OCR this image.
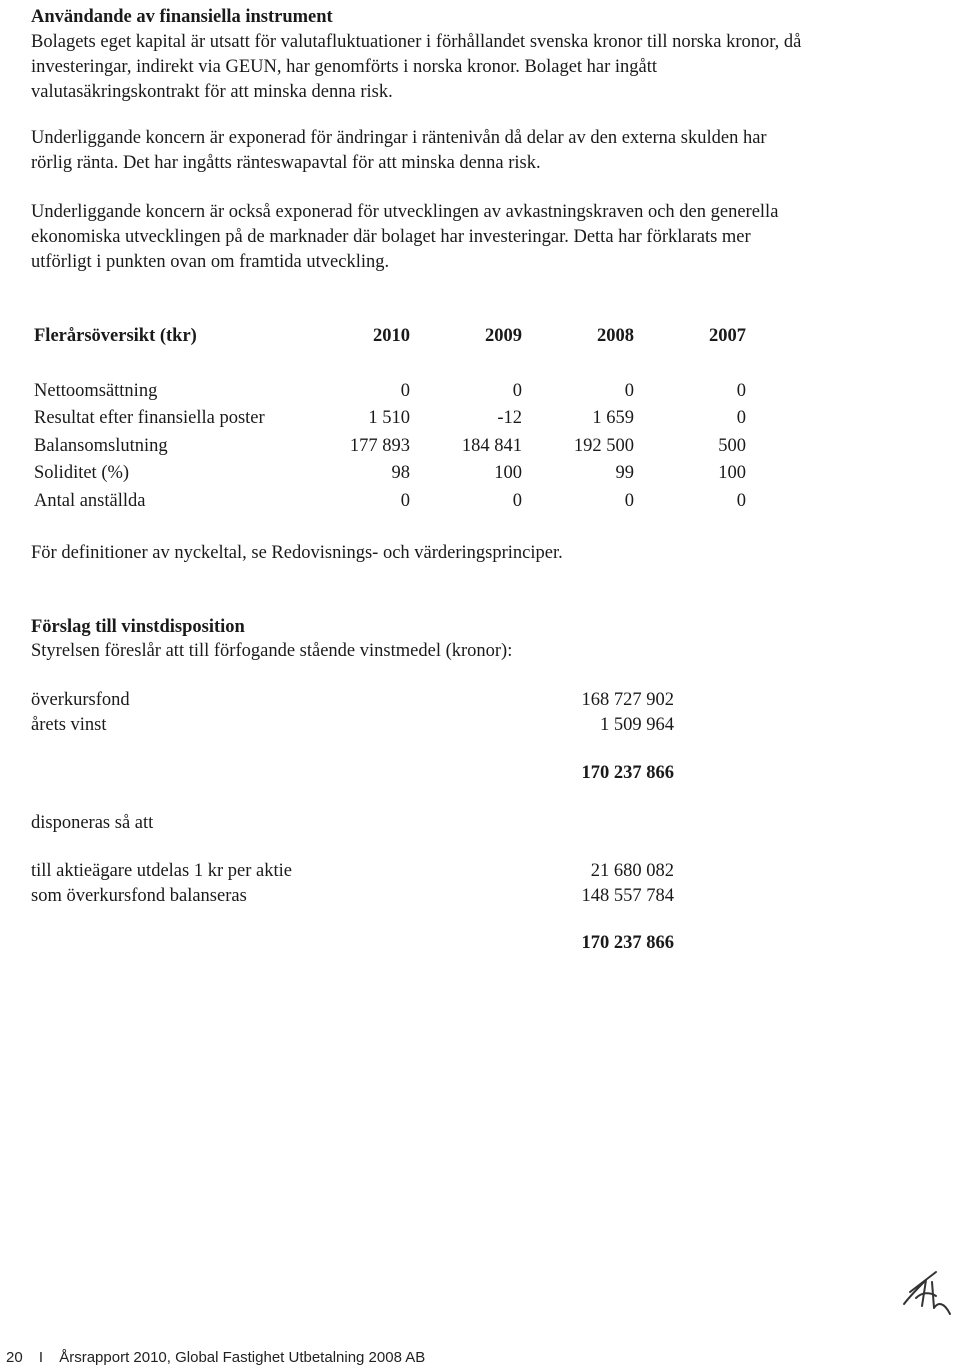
Användande av finansiella instrument
Bolagets eget kapital är utsatt för valutafluktuationer i förhållandet svenska kronor till norska kronor, då
investeringar, indirekt via GEUN, har genomförts i norska kronor. Bolaget har ingått
valutasäkringskontrakt för att minska denna risk.
Underliggande koncern är exponerad för ändringar i räntenivån då delar av den externa skulden har
rörlig ränta. Det har ingåtts ränteswapavtal för att minska denna risk.
Underliggande koncern är också exponerad för utvecklingen av avkastningskraven och den generella
ekonomiska utvecklingen på de marknader där bolaget har investeringar. Detta har förklarats mer
utförligt i punkten ovan om framtida utveckling.
Flerårsöversikt (tkr)	2010	2009	2008	2007
Nettoomsättning	0	0	0	0
Resultat efter finansiella poster	1 510	-12	1 659	0
Balansomslutning	177 893	184 841	192 500	500
Soliditet (%)	98	100	99	100
Antal anställda	0	0	0	0
För definitioner av nyckeltal, se Redovisnings- och värderingsprinciper.
Förslag till vinstdisposition
Styrelsen föreslår att till förfogande stående vinstmedel (kronor):
överkursfond	168 727 902
årets vinst	1 509 964
170 237 866
disponeras så att
till aktieägare utdelas 1 kr per aktie	21 680 082
som överkursfond balanseras	148 557 784
170 237 866
20 I Årsrapport 2010, Global Fastighet Utbetalning 2008 AB
